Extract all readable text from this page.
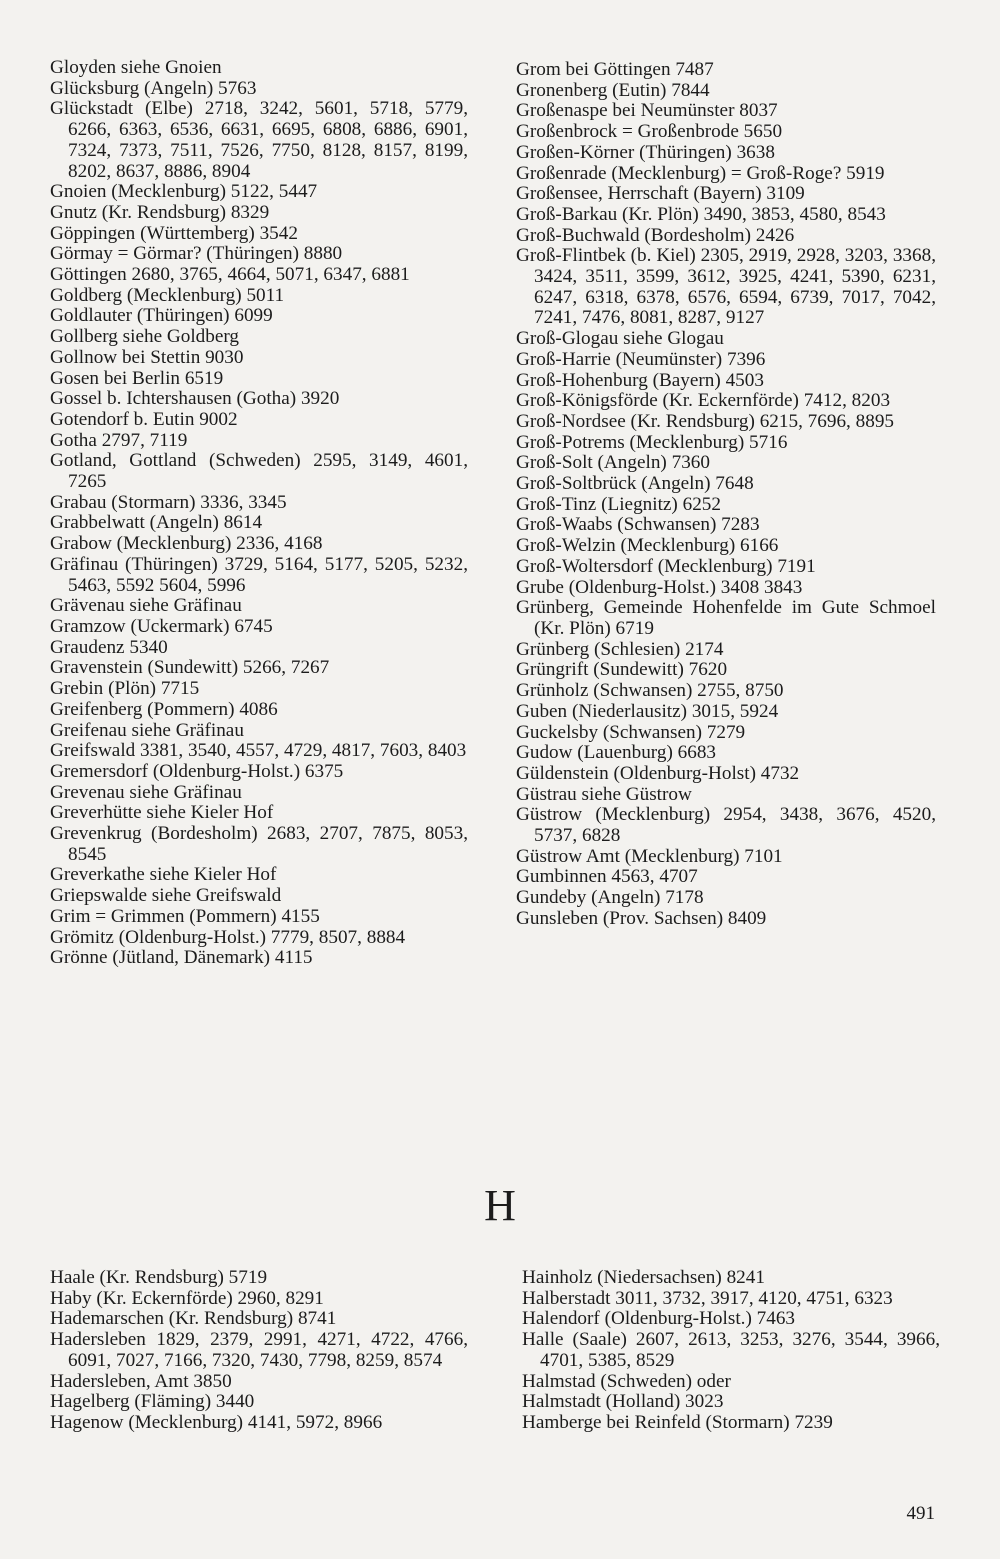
Gloyden siehe Gnoien
Glücksburg (Angeln) 5763
Glückstadt (Elbe) 2718, 3242, 5601, 5718, 5779, 6266, 6363, 6536, 6631, 6695, 6808, 6886, 6901, 7324, 7373, 7511, 7526, 7750, 8128, 8157, 8199, 8202, 8637, 8886, 8904
Gnoien (Mecklenburg) 5122, 5447
Gnutz (Kr. Rendsburg) 8329
Göppingen (Württemberg) 3542
Görmay = Görmar? (Thüringen) 8880
Göttingen 2680, 3765, 4664, 5071, 6347, 6881
Goldberg (Mecklenburg) 5011
Goldlauter (Thüringen) 6099
Gollberg siehe Goldberg
Gollnow bei Stettin 9030
Gosen bei Berlin 6519
Gossel b. Ichtershausen (Gotha) 3920
Gotendorf b. Eutin 9002
Gotha 2797, 7119
Gotland, Gottland (Schweden) 2595, 3149, 4601, 7265
Grabau (Stormarn) 3336, 3345
Grabbelwatt (Angeln) 8614
Grabow (Mecklenburg) 2336, 4168
Gräfinau (Thüringen) 3729, 5164, 5177, 5205, 5232, 5463, 5592 5604, 5996
Grävenau siehe Gräfinau
Gramzow (Uckermark) 6745
Graudenz 5340
Gravenstein (Sundewitt) 5266, 7267
Grebin (Plön) 7715
Greifenberg (Pommern) 4086
Greifenau siehe Gräfinau
Greifswald 3381, 3540, 4557, 4729, 4817, 7603, 8403
Gremersdorf (Oldenburg-Holst.) 6375
Grevenau siehe Gräfinau
Greverhütte siehe Kieler Hof
Grevenkrug (Bordesholm) 2683, 2707, 7875, 8053, 8545
Greverkathe siehe Kieler Hof
Griepswalde siehe Greifswald
Grim = Grimmen (Pommern) 4155
Grömitz (Oldenburg-Holst.) 7779, 8507, 8884
Grönne (Jütland, Dänemark) 4115
Grom bei Göttingen 7487
Gronenberg (Eutin) 7844
Großenaspe bei Neumünster 8037
Großenbrock = Großenbrode 5650
Großen-Körner (Thüringen) 3638
Großenrade (Mecklenburg) = Groß-Roge? 5919
Großensee, Herrschaft (Bayern) 3109
Groß-Barkau (Kr. Plön) 3490, 3853, 4580, 8543
Groß-Buchwald (Bordesholm) 2426
Groß-Flintbek (b. Kiel) 2305, 2919, 2928, 3203, 3368, 3424, 3511, 3599, 3612, 3925, 4241, 5390, 6231, 6247, 6318, 6378, 6576, 6594, 6739, 7017, 7042, 7241, 7476, 8081, 8287, 9127
Groß-Glogau siehe Glogau
Groß-Harrie (Neumünster) 7396
Groß-Hohenburg (Bayern) 4503
Groß-Königsförde (Kr. Eckernförde) 7412, 8203
Groß-Nordsee (Kr. Rendsburg) 6215, 7696, 8895
Groß-Potrems (Mecklenburg) 5716
Groß-Solt (Angeln) 7360
Groß-Soltbrück (Angeln) 7648
Groß-Tinz (Liegnitz) 6252
Groß-Waabs (Schwansen) 7283
Groß-Welzin (Mecklenburg) 6166
Groß-Woltersdorf (Mecklenburg) 7191
Grube (Oldenburg-Holst.) 3408 3843
Grünberg, Gemeinde Hohenfelde im Gute Schmoel (Kr. Plön) 6719
Grünberg (Schlesien) 2174
Grüngrift (Sundewitt) 7620
Grünholz (Schwansen) 2755, 8750
Guben (Niederlausitz) 3015, 5924
Guckelsby (Schwansen) 7279
Gudow (Lauenburg) 6683
Güldenstein (Oldenburg-Holst) 4732
Güstrau siehe Güstrow
Güstrow (Mecklenburg) 2954, 3438, 3676, 4520, 5737, 6828
Güstrow Amt (Mecklenburg) 7101
Gumbinnen 4563, 4707
Gundeby (Angeln) 7178
Gunsleben (Prov. Sachsen) 8409
H
Haale (Kr. Rendsburg) 5719
Haby (Kr. Eckernförde) 2960, 8291
Hademarschen (Kr. Rendsburg) 8741
Hadersleben 1829, 2379, 2991, 4271, 4722, 4766, 6091, 7027, 7166, 7320, 7430, 7798, 8259, 8574
Hadersleben, Amt 3850
Hagelberg (Fläming) 3440
Hagenow (Mecklenburg) 4141, 5972, 8966
Hainholz (Niedersachsen) 8241
Halberstadt 3011, 3732, 3917, 4120, 4751, 6323
Halendorf (Oldenburg-Holst.) 7463
Halle (Saale) 2607, 2613, 3253, 3276, 3544, 3966, 4701, 5385, 8529
Halmstad (Schweden) oder
Halmstadt (Holland) 3023
Hamberge bei Reinfeld (Stormarn) 7239
491
